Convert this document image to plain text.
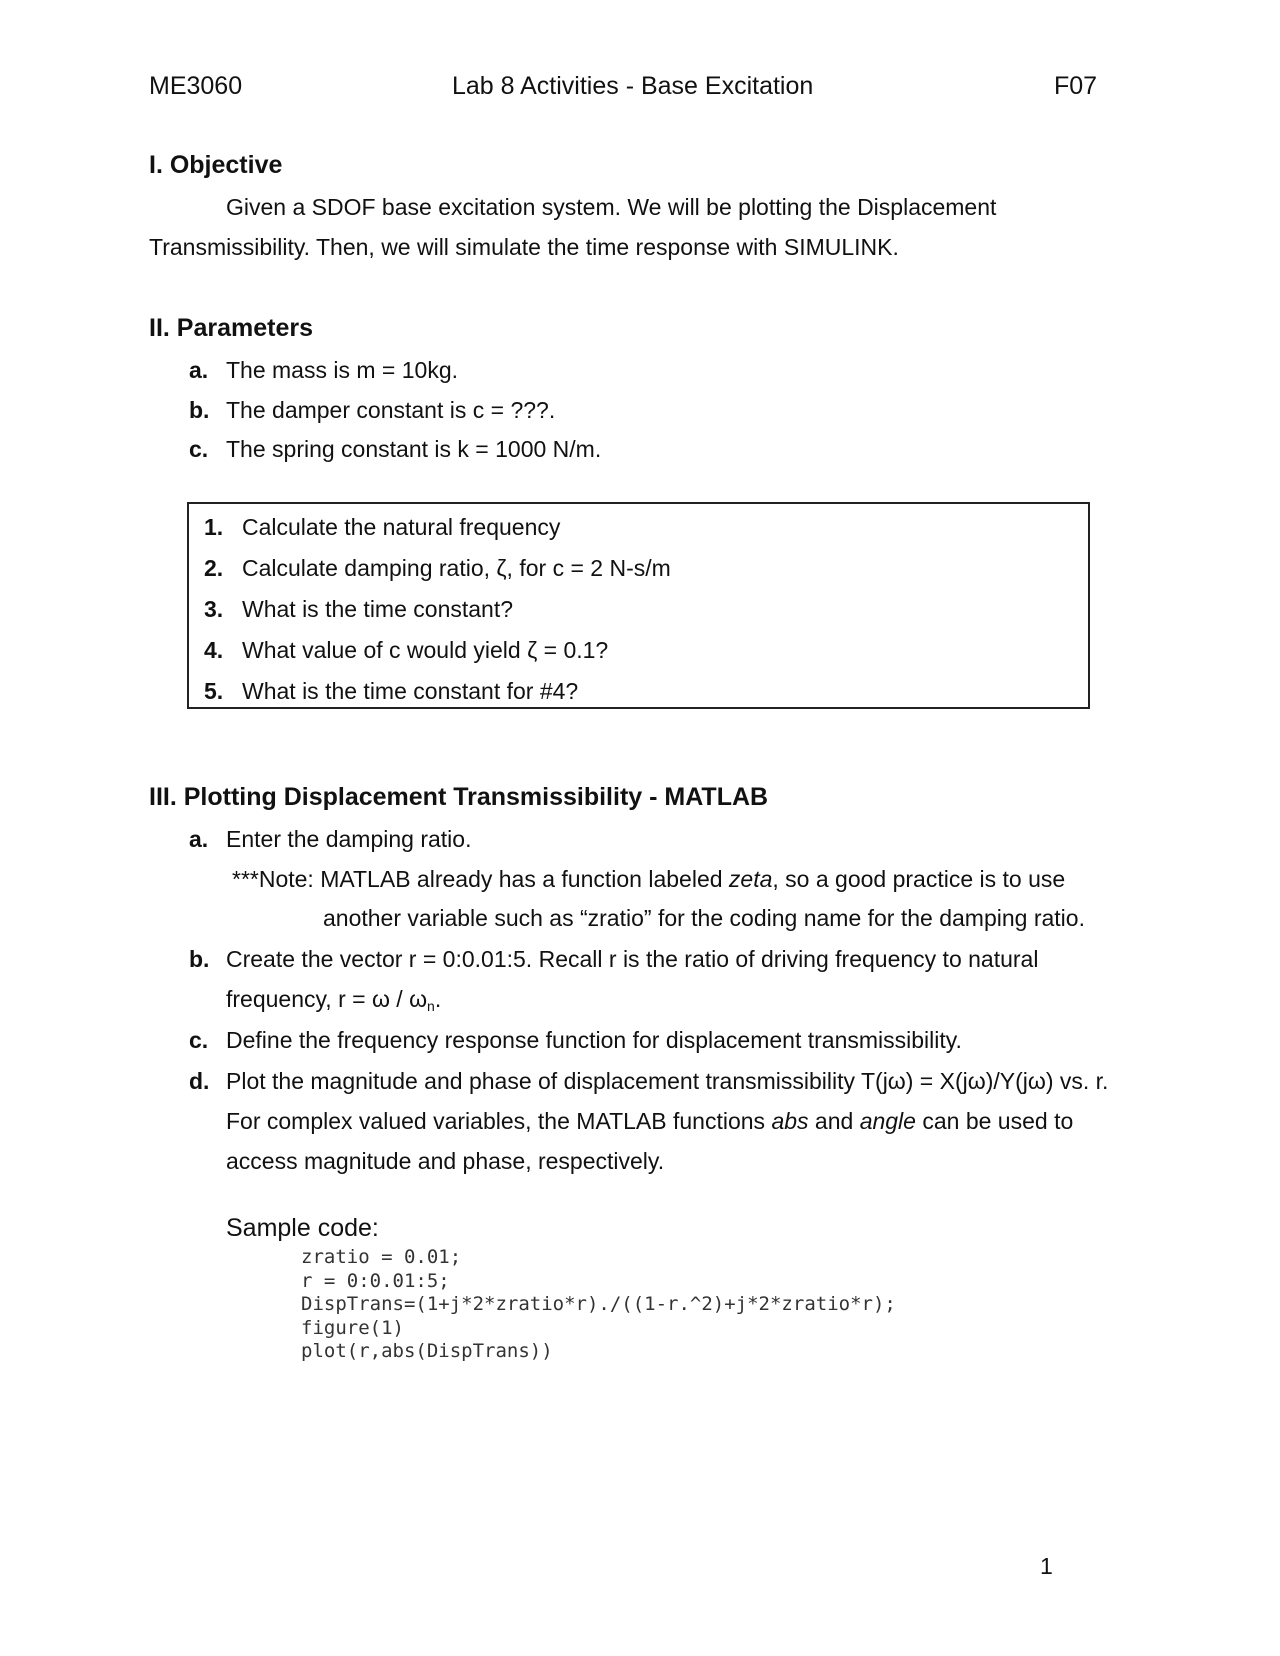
ME3060	Lab 8 Activities - Base Excitation	F07
I. Objective
Given a SDOF base excitation system. We will be plotting the Displacement
Transmissibility. Then, we will simulate the time response with SIMULINK.
II. Parameters
a. The mass is m = 10kg.
b. The damper constant is c = ???.
c. The spring constant is k = 1000 N/m.
1. Calculate the natural frequency
2. Calculate damping ratio, ζ, for c = 2 N-s/m
3. What is the time constant?
4. What value of c would yield ζ = 0.1?
5. What is the time constant for #4?
III. Plotting Displacement Transmissibility - MATLAB
a. Enter the damping ratio.
***Note: MATLAB already has a function labeled zeta, so a good practice is to use
another variable such as “zratio” for the coding name for the damping ratio.
b. Create the vector r = 0:0.01:5. Recall r is the ratio of driving frequency to natural
frequency, $r = \omega / \omega_n$.
c. Define the frequency response function for displacement transmissibility.
d. Plot the magnitude and phase of displacement transmissibility T(jω) = X(jω)/Y(jω) vs. r.
For complex valued variables, the MATLAB functions abs and angle can be used to
access magnitude and phase, respectively.
Sample code:
zratio = 0.01;
r = 0:0.01:5;
DispTrans=(1+j*2*zratio*r)./((1-r.^2)+j*2*zratio*r);
figure(1)
plot(r,abs(DispTrans))
1
